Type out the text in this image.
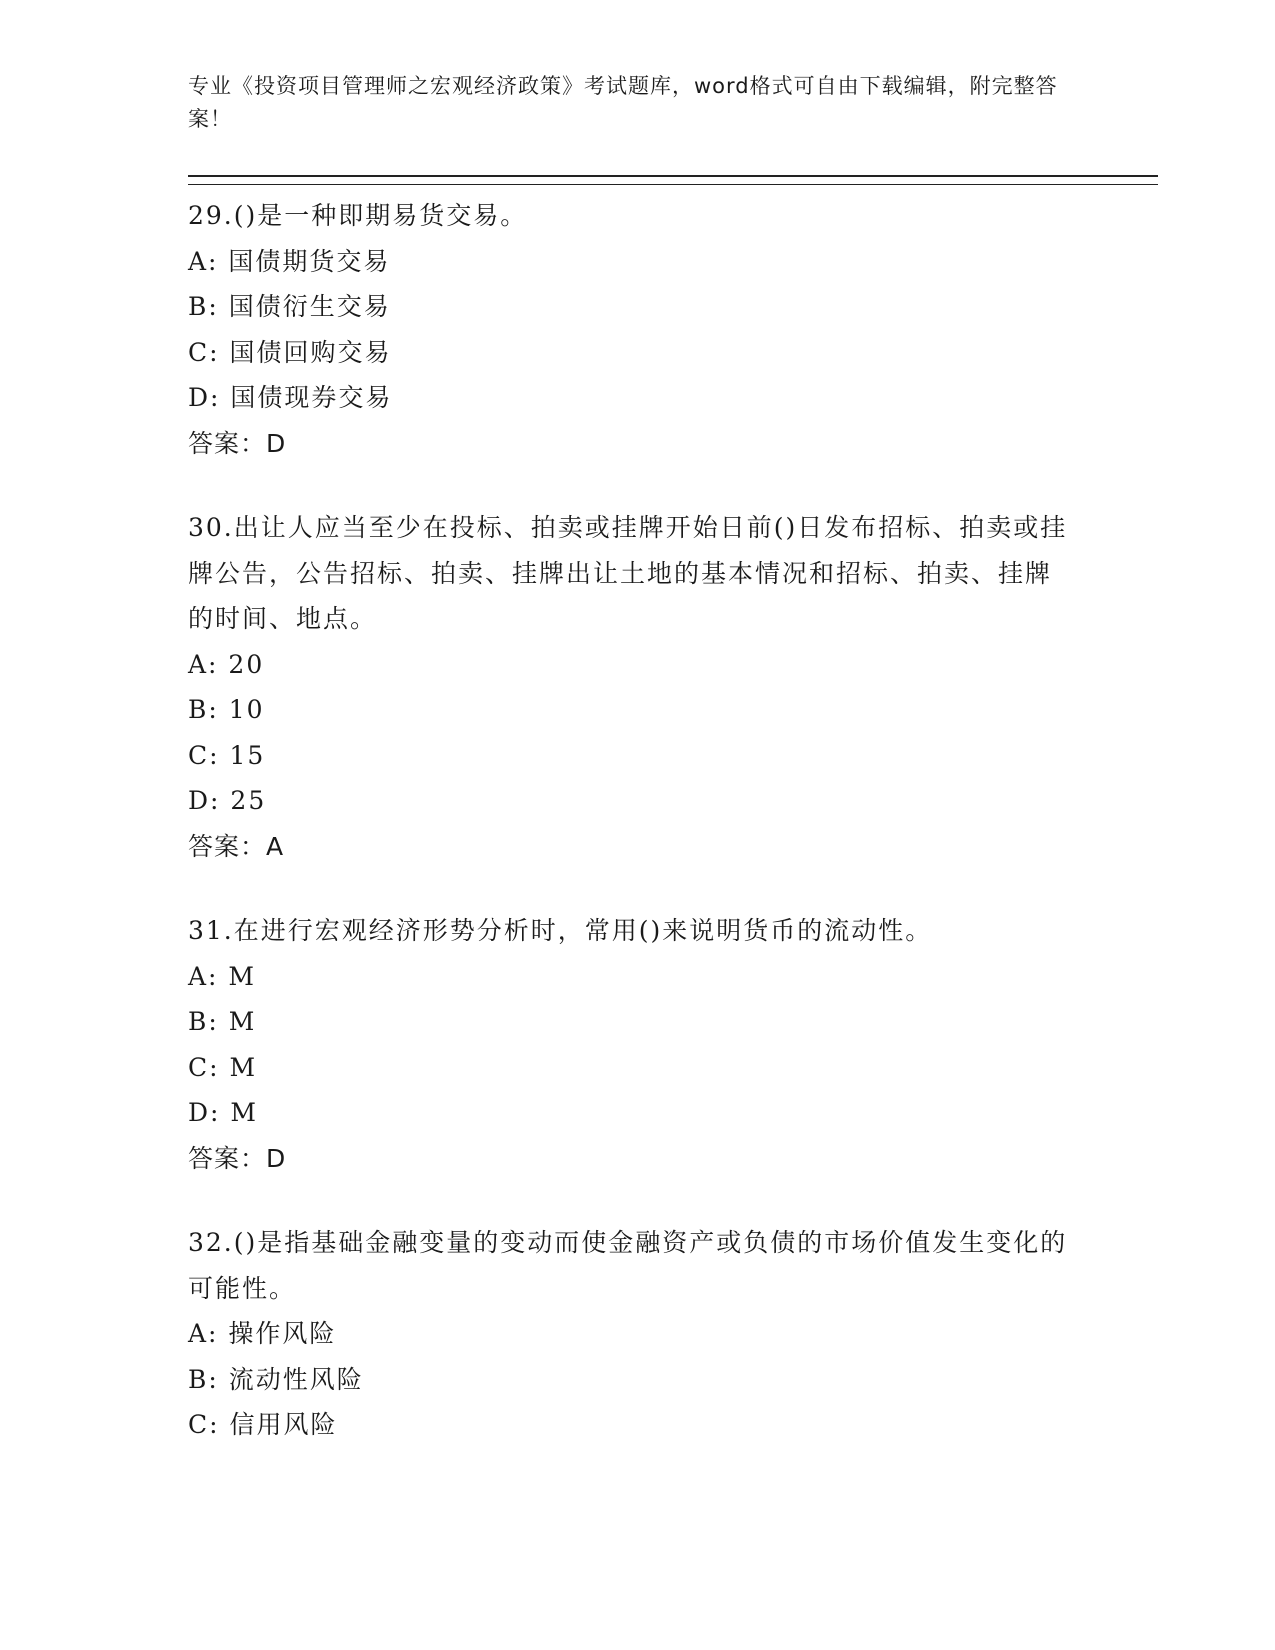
专业《投资项目管理师之宏观经济政策》考试题库，word格式可自由下载编辑，附完整答案！

29.()是一种即期易货交易。

A: 国债期货交易

B: 国债衍生交易

C: 国债回购交易

D: 国债现券交易

答案：D

30.出让人应当至少在投标、拍卖或挂牌开始日前()日发布招标、拍卖或挂牌公告，公告招标、拍卖、挂牌出让土地的基本情况和招标、拍卖、挂牌的时间、地点。

A: 20

B: 10

C: 15

D: 25

答案：A

31.在进行宏观经济形势分析时，常用()来说明货币的流动性。

A: M

B: M

C: M

D: M

答案：D

32.()是指基础金融变量的变动而使金融资产或负债的市场价值发生变化的可能性。

A: 操作风险

B: 流动性风险

C: 信用风险
